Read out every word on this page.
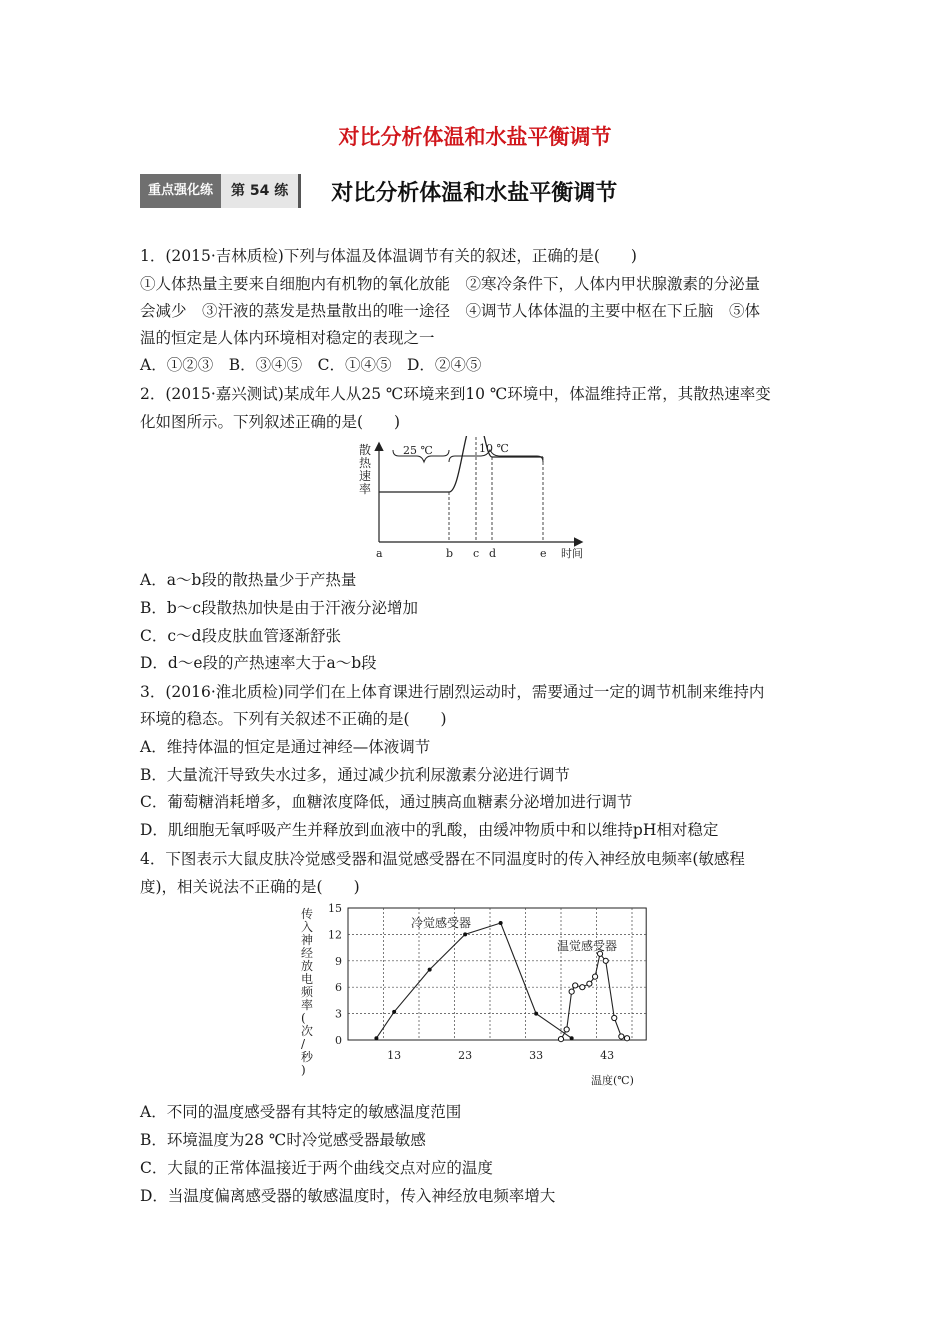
对比分析体温和水盐平衡调节
重点强化练	第 54 练	对比分析体温和水盐平衡调节
1．(2015·吉林质检)下列与体温及体温调节有关的叙述，正确的是(　　)
①人体热量主要来自细胞内有机物的氧化放能　②寒冷条件下，人体内甲状腺激素的分泌量
会减少　③汗液的蒸发是热量散出的唯一途径　④调节人体体温的主要中枢在下丘脑　⑤体
温的恒定是人体内环境相对稳定的表现之一
A．①②③　B．③④⑤　C．①④⑤　D．②④⑤
2．(2015·嘉兴测试)某成年人从25 ℃环境来到10 ℃环境中，体温维持正常，其散热速率变
化如图所示。下列叙述正确的是(　　)
散
热
速
率
时间
a	b c d	e
25 ℃	10 ℃
A．a～b段的散热量少于产热量
B．b～c段散热加快是由于汗液分泌增加
C．c～d段皮肤血管逐渐舒张
D．d～e段的产热速率大于a～b段
3．(2016·淮北质检)同学们在上体育课进行剧烈运动时，需要通过一定的调节机制来维持内
环境的稳态。下列有关叙述不正确的是(　　)
A．维持体温的恒定是通过神经—体液调节
B．大量流汗导致失水过多，通过减少抗利尿激素分泌进行调节
C．葡萄糖消耗增多，血糖浓度降低，通过胰高血糖素分泌增加进行调节
D．肌细胞无氧呼吸产生并释放到血液中的乳酸，由缓冲物质中和以维持pH相对稳定
4．下图表示大鼠皮肤冷觉感受器和温觉感受器在不同温度时的传入神经放电频率(敏感程
度)，相关说法不正确的是(　　)
传
入
神
经
放
电
频
率
(
次
/
秒
)
0
3
6
9
12
15
13	23	33	43
温度(℃)
冷觉感受器
温觉感受器
A．不同的温度感受器有其特定的敏感温度范围
B．环境温度为28 ℃时冷觉感受器最敏感
C．大鼠的正常体温接近于两个曲线交点对应的温度
D．当温度偏离感受器的敏感温度时，传入神经放电频率增大
